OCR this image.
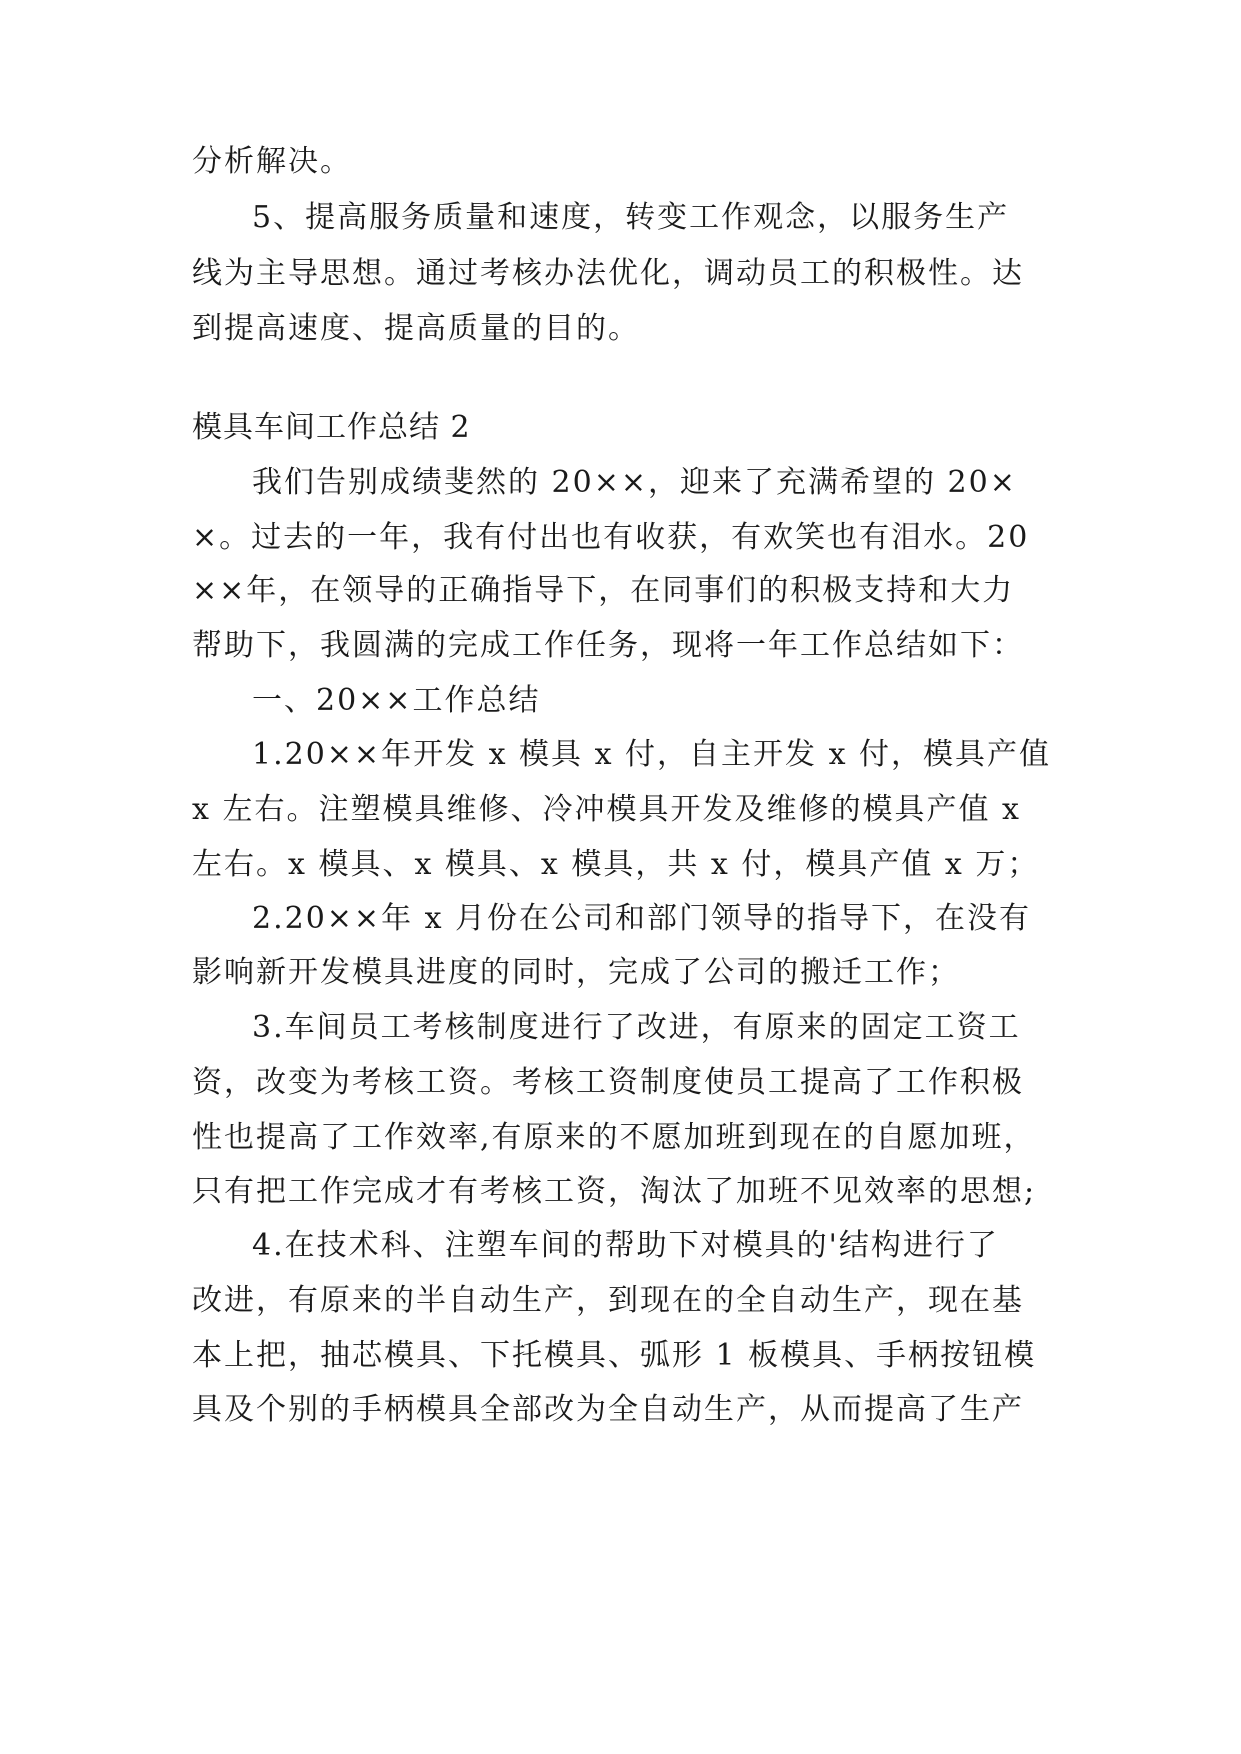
分析解决。
5、提高服务质量和速度，转变工作观念，以服务生产
线为主导思想。通过考核办法优化，调动员工的积极性。达
到提高速度、提高质量的目的。
模具车间工作总结 2
我们告别成绩斐然的 20××，迎来了充满希望的 20×
×。过去的一年，我有付出也有收获，有欢笑也有泪水。20
××年，在领导的正确指导下，在同事们的积极支持和大力
帮助下，我圆满的完成工作任务，现将一年工作总结如下：
一、20××工作总结
1.20××年开发 x 模具 x 付，自主开发 x 付，模具产值
x 左右。注塑模具维修、冷冲模具开发及维修的模具产值 x
左右。x 模具、x 模具、x 模具，共 x 付，模具产值 x 万；
2.20××年 x 月份在公司和部门领导的指导下，在没有
影响新开发模具进度的同时，完成了公司的搬迁工作；
3.车间员工考核制度进行了改进，有原来的固定工资工
资，改变为考核工资。考核工资制度使员工提高了工作积极
性也提高了工作效率,有原来的不愿加班到现在的自愿加班，
只有把工作完成才有考核工资，淘汰了加班不见效率的思想;
4.在技术科、注塑车间的帮助下对模具的'结构进行了
改进，有原来的半自动生产，到现在的全自动生产，现在基
本上把，抽芯模具、下托模具、弧形 1 板模具、手柄按钮模
具及个别的手柄模具全部改为全自动生产，从而提高了生产
